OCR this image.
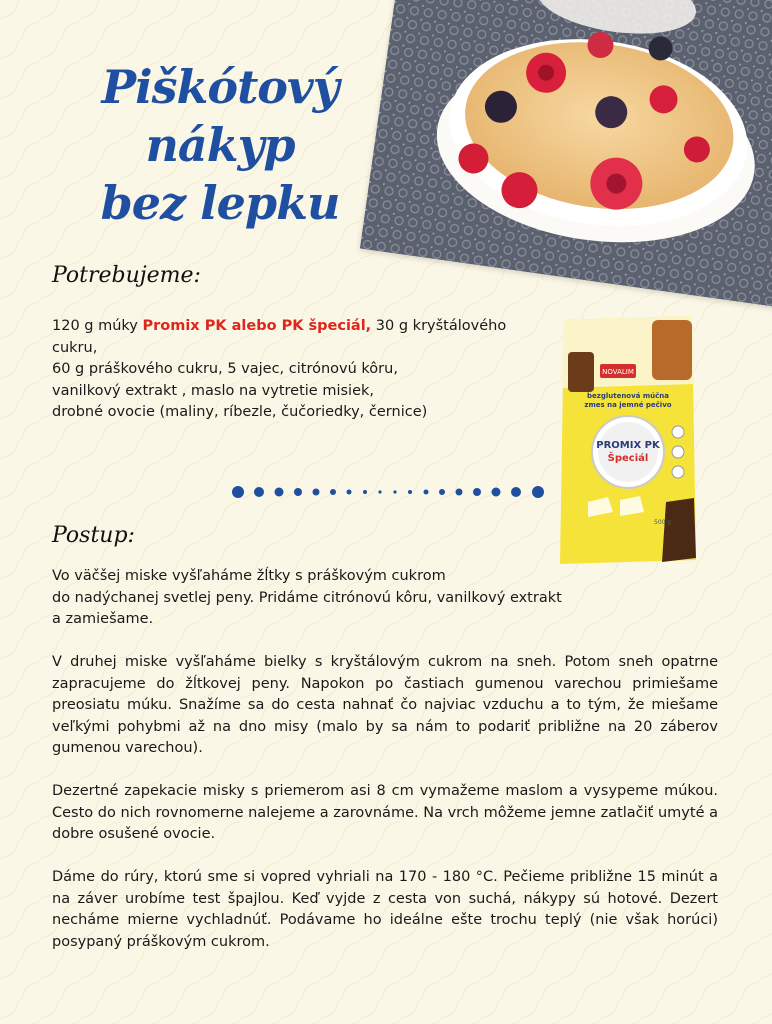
Piškótový nákyp
bez lepku
Potrebujeme:
120 g múky Promix PK alebo PK špeciál, 30 g kryštálového cukru,
60 g práškového cukru, 5 vajec, citrónovú kôru,
vanilkový extrakt , maslo na vytretie misiek,
drobné ovocie (maliny, ríbezle, čučoriedky, černice)
NOVALIM
bezglutenová múčna zmes na jemné pečivo
PROMIX PK
Špeciál
500 g
Postup:

Vo väčšej miske vyšľaháme žĺtky s práškovým cukrom
do nadýchanej svetlej peny. Pridáme citrónovú kôru, vanilkový extrakt
a zamiešame.

V druhej miske vyšľaháme bielky s kryštálovým cukrom na sneh. Potom sneh opatrne zapracujeme do žĺtkovej peny. Napokon po častiach gumenou varechou primiešame preosiatu múku. Snažíme sa do cesta nahnať čo najviac vzduchu a to tým, že miešame veľkými pohybmi až na dno misy (malo by sa nám to podariť približne na 20 záberov gumenou varechou).

Dezertné zapekacie misky s priemerom asi 8 cm vymažeme maslom a vysypeme múkou. Cesto do nich rovnomerne nalejeme a zarovnáme. Na vrch môžeme jemne zatlačiť umyté a dobre osušené ovocie.

Dáme do rúry, ktorú sme si vopred vyhriali na 170 - 180 °C. Pečieme približne 15 minút a na záver urobíme test špajlou. Keď vyjde z cesta von suchá, nákypy sú hotové. Dezert necháme mierne vychladnúť. Podávame ho ideálne ešte trochu teplý (nie však horúci) posypaný práškovým cukrom.
